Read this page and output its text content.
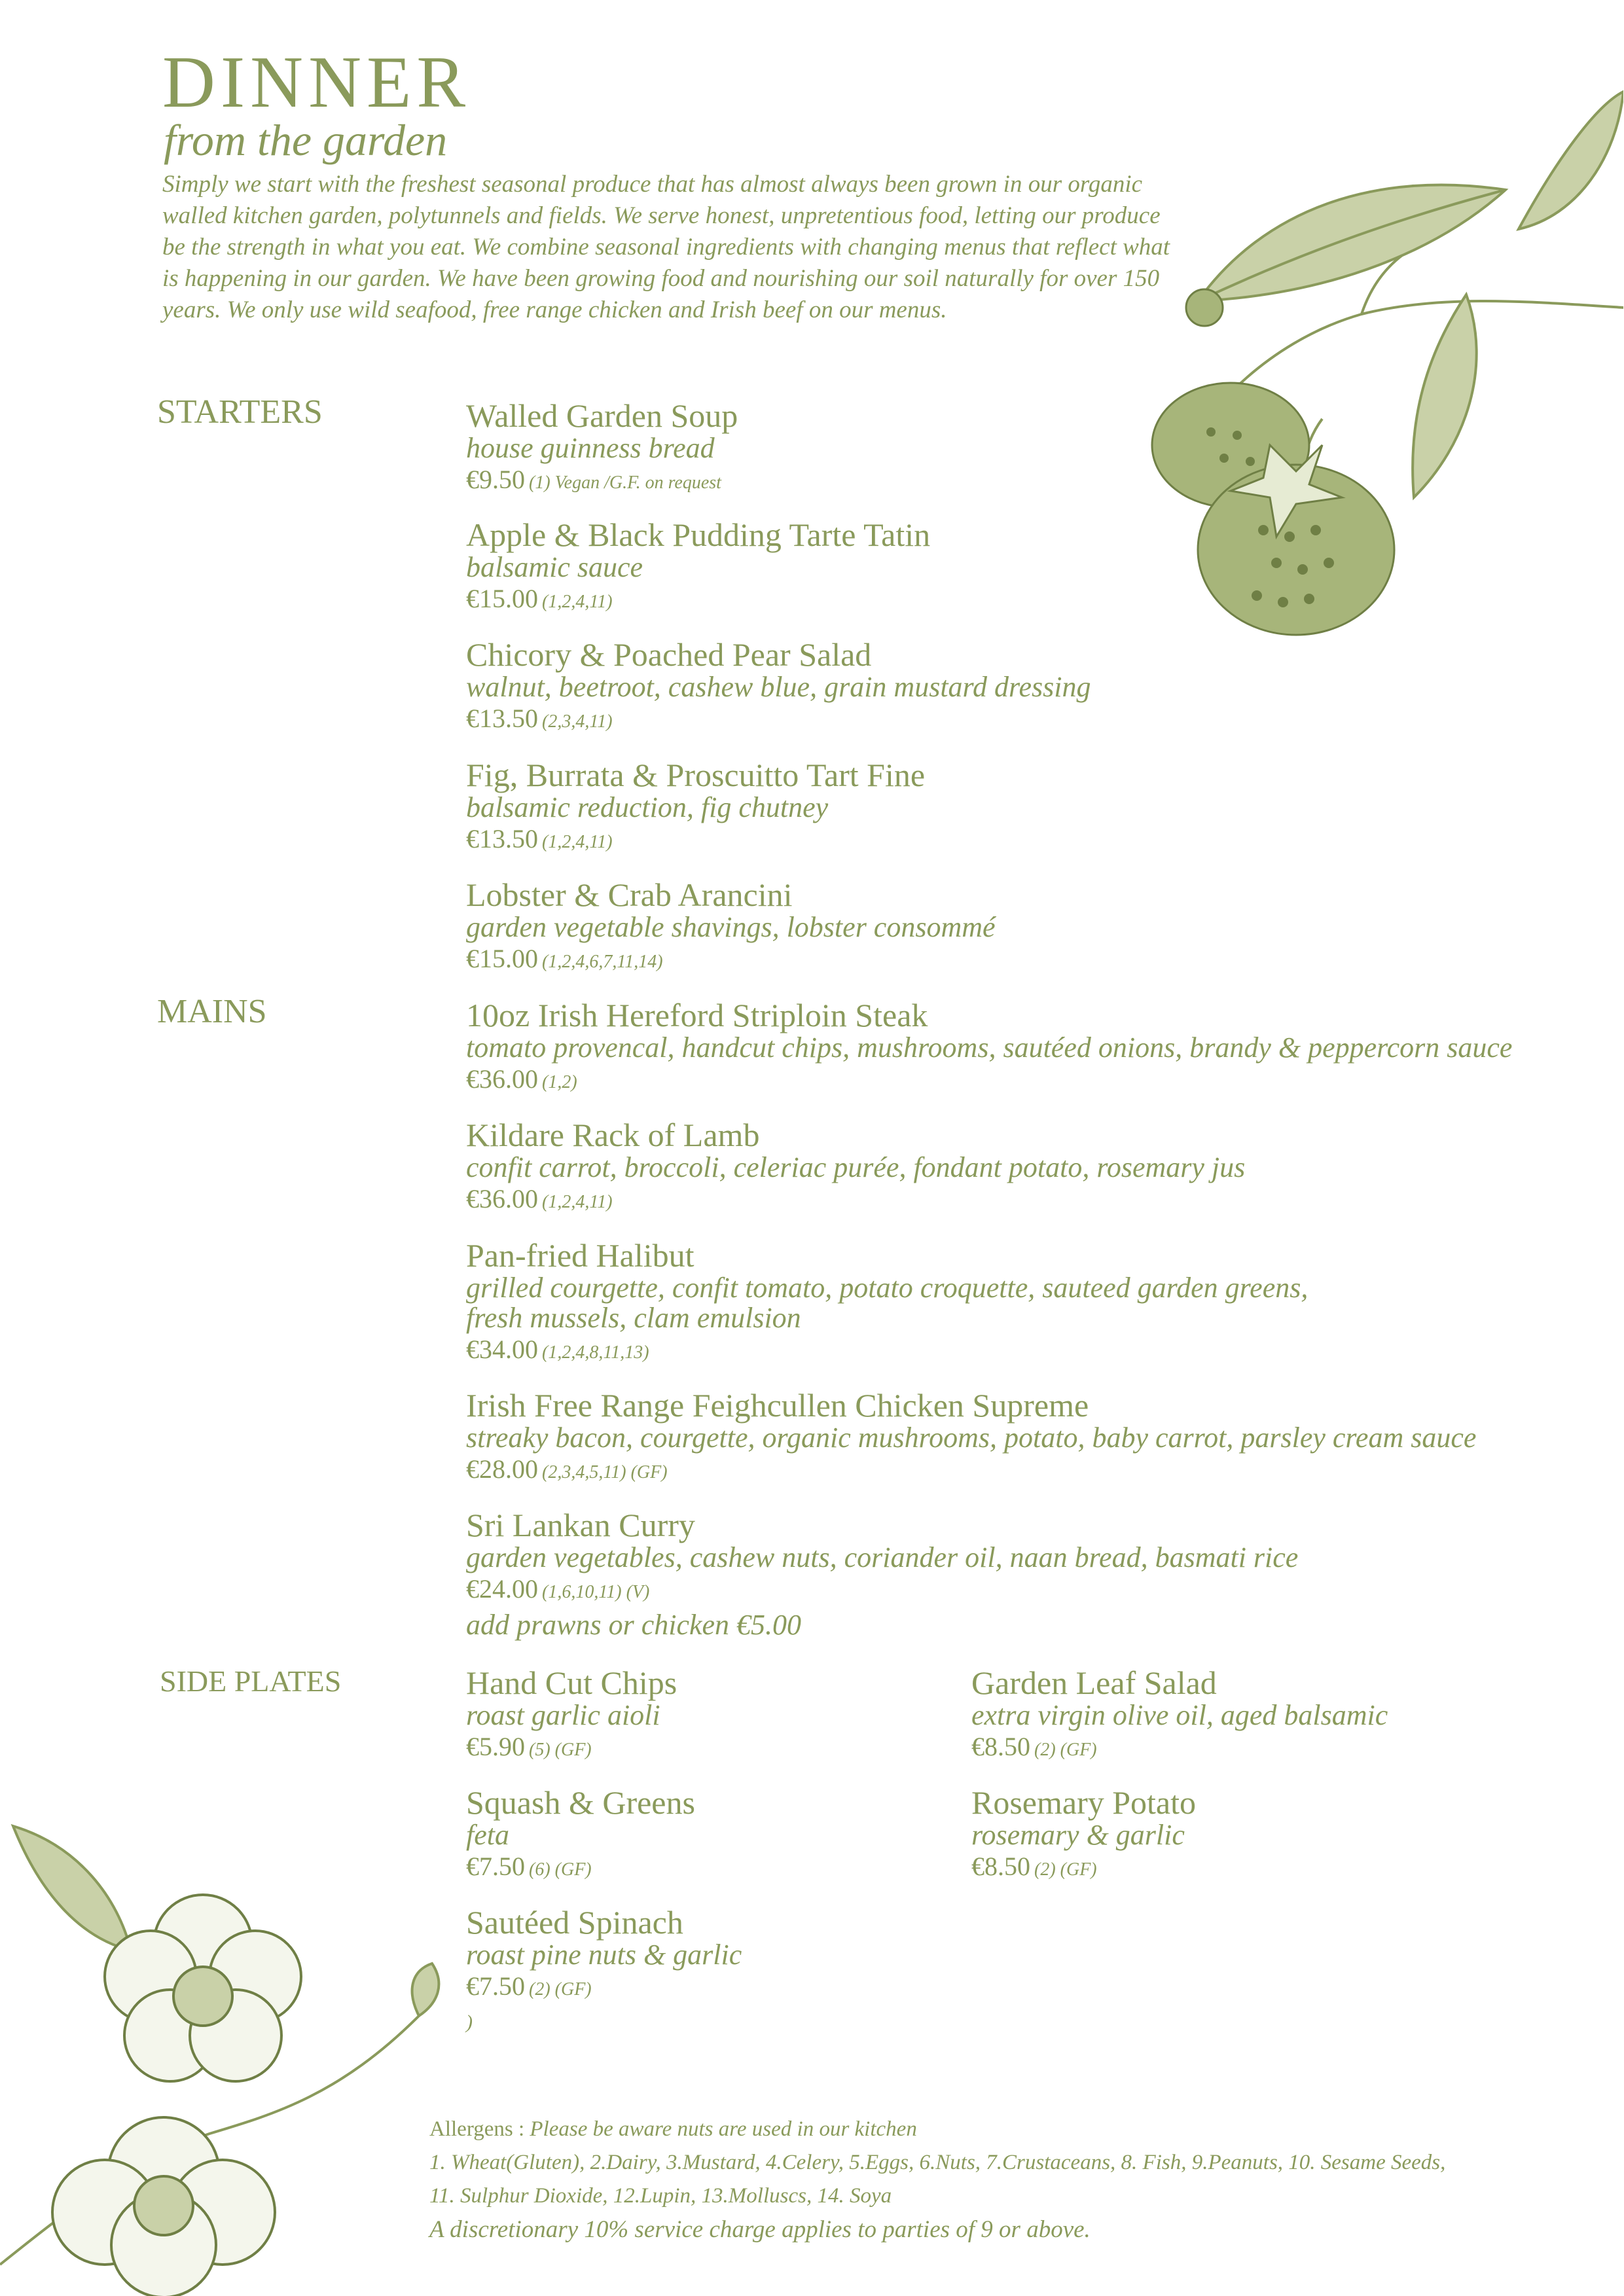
DINNER
from the garden
Simply we start with the freshest seasonal produce that has almost always been grown in our organic walled kitchen garden, polytunnels and fields. We serve honest, unpretentious food, letting our produce be the strength in what you eat. We combine seasonal ingredients with changing menus that reflect what is happening in our garden. We have been growing food and nourishing our soil naturally for over 150 years. We only use wild seafood, free range chicken and Irish beef on our menus.
STARTERS
MAINS
SIDE PLATES
Walled Garden Soup
house guinness bread
€9.50 (1) Vegan /G.F. on request
Apple & Black Pudding Tarte Tatin
balsamic sauce
€15.00 (1,2,4,11)
Chicory & Poached Pear Salad
walnut, beetroot, cashew blue, grain mustard dressing
€13.50 (2,3,4,11)
Fig, Burrata & Proscuitto Tart Fine
balsamic reduction, fig chutney
€13.50 (1,2,4,11)
Lobster & Crab Arancini
garden vegetable shavings, lobster consommé
€15.00 (1,2,4,6,7,11,14)
10oz Irish Hereford Striploin Steak
tomato provencal, handcut chips, mushrooms, sautéed onions, brandy & peppercorn sauce
€36.00 (1,2)
Kildare Rack of Lamb
confit carrot, broccoli, celeriac purée, fondant potato, rosemary jus
€36.00 (1,2,4,11)
Pan-fried Halibut
grilled courgette, confit tomato, potato croquette, sauteed garden greens,
fresh mussels, clam emulsion
€34.00 (1,2,4,8,11,13)
Irish Free Range Feighcullen Chicken Supreme
streaky bacon, courgette, organic mushrooms, potato, baby carrot, parsley cream sauce
€28.00 (2,3,4,5,11) (GF)
Sri Lankan Curry
garden vegetables, cashew nuts, coriander oil, naan bread, basmati rice
€24.00 (1,6,10,11) (V)
add prawns or chicken €5.00
Hand Cut Chips
roast garlic aioli
€5.90 (5) (GF)
Garden Leaf Salad
extra virgin olive oil, aged balsamic
€8.50 (2) (GF)
Squash & Greens
feta
€7.50 (6) (GF)
Rosemary Potato
rosemary & garlic
€8.50 (2) (GF)
Sautéed Spinach
roast pine nuts & garlic
€7.50 (2) (GF)
)
Allergens : Please be aware nuts are used in our kitchen
1. Wheat(Gluten), 2.Dairy, 3.Mustard, 4.Celery, 5.Eggs, 6.Nuts, 7.Crustaceans, 8. Fish, 9.Peanuts, 10. Sesame Seeds,
11. Sulphur Dioxide, 12.Lupin, 13.Molluscs, 14. Soya
A discretionary 10% service charge applies to parties of 9 or above.
